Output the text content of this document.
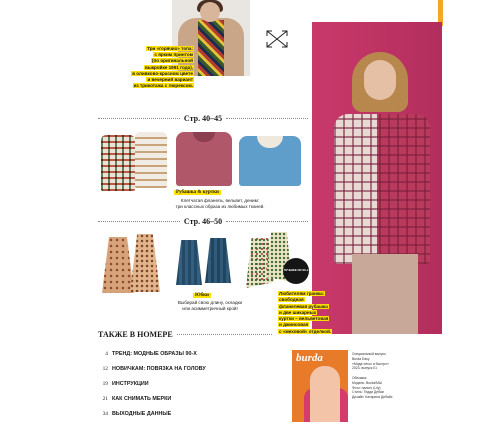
Три «горячих» топа:
с ярким принтом
(по оригинальной
выкройке 1991 года),
в оливково-красном цвете
и вечерний вариант
из трикотажа с люрексом.
Стр. 40–45
Рубашка & куртки
Клетчатая фланель, вельвет, деним:
три классных образа из любимых тканей.
Стр. 46–50
ЛУЧШЕЕ ИЗ 90-х
Юбки
Выбирай свою длину, складки
или асимметричный крой!
Любителям гранжа:
свободная
фланелевая рубашка
и две шикарных
куртки – вельветовая
и джинсовая
с «меховой» отделкой.
ТАКЖЕ В НОМЕРЕ
4 ТРЕНД: МОДНЫЕ ОБРАЗЫ 90-Х
12 НОВИЧКАМ: ПОВЯЗКА НА ГОЛОВУ
19 ИНСТРУКЦИИ
21 КАК СНИМАТЬ МЕРКИ
34 ВЫХОДНЫЕ ДАННЫЕ
burda	Специальный выпуск
Burda Easy
«Мода легко и быстро»
2023, выпуск 01

Обложка:
Модель: Burda/M&I
Фото: пальто (Lily)
Стиль: Тедди Дебаи
Дизайн: Катарина Дебайс
